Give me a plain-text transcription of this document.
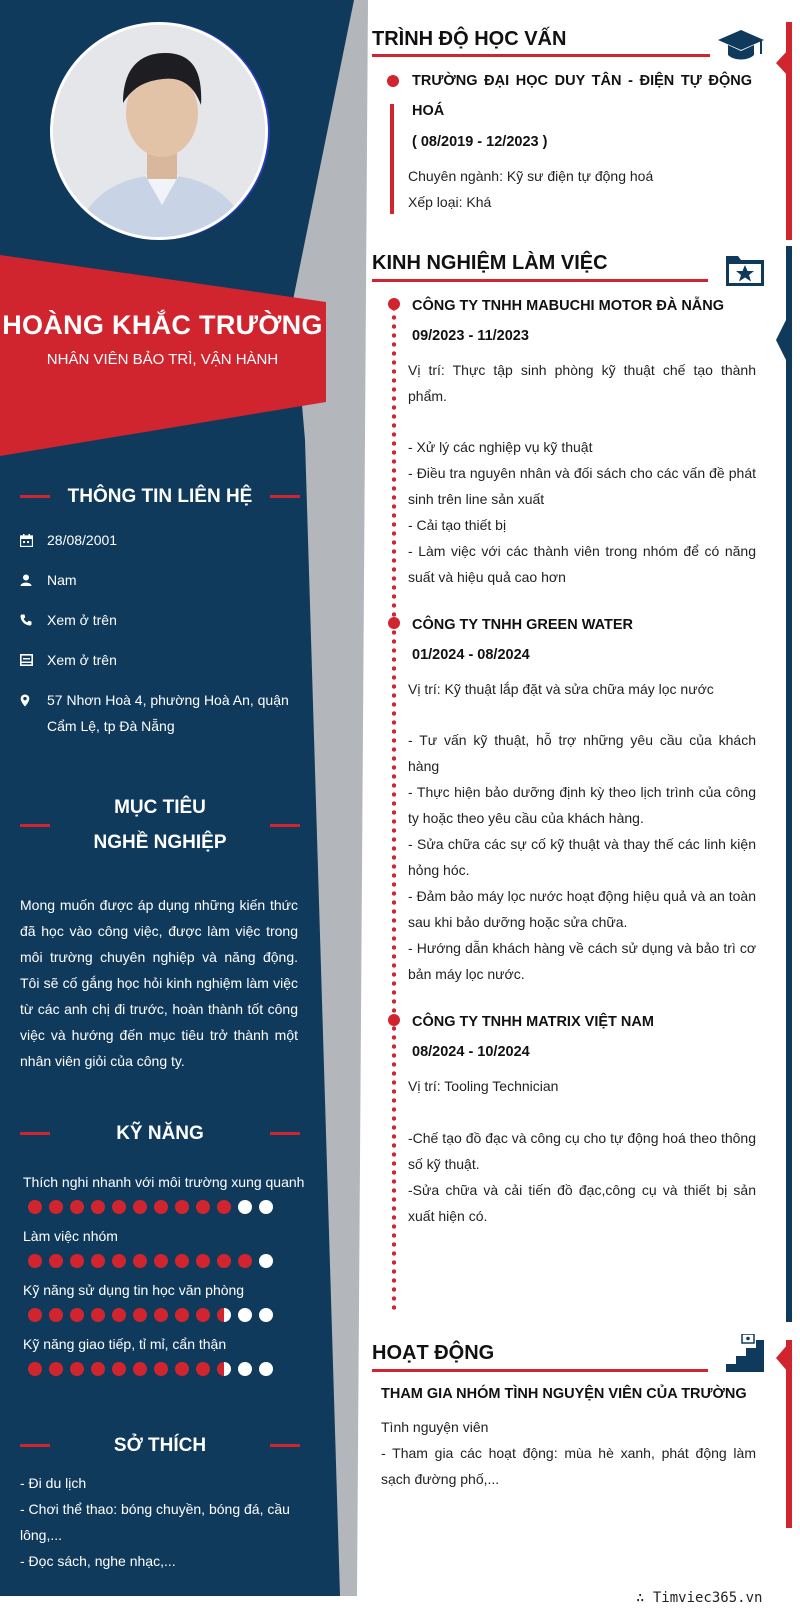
HOÀNG KHẮC TRƯỜNG
NHÂN VIÊN BẢO TRÌ, VẬN HÀNH
THÔNG TIN LIÊN HỆ
28/08/2001
Nam
Xem ở trên
Xem ở trên
57 Nhơn Hoà 4, phường Hoà An, quận Cẩm Lệ, tp Đà Nẵng
MỤC TIÊU NGHỀ NGHIỆP
Mong muốn được áp dụng những kiến thức đã học vào công việc, được làm việc trong môi trường chuyên nghiệp và năng động. Tôi sẽ cố gắng học hỏi kinh nghiệm làm việc từ các anh chị đi trước, hoàn thành tốt công việc và hướng đến mục tiêu trở thành một nhân viên giỏi của công ty.
KỸ NĂNG
Thích nghi nhanh với môi trường xung quanh
Làm việc nhóm
Kỹ năng sử dụng tin học văn phòng
Kỹ năng giao tiếp, tỉ mỉ, cẩn thận
SỞ THÍCH
- Đi du lịch
- Chơi thể thao: bóng chuyền, bóng đá, cầu lông,...
- Đọc sách, nghe nhạc,...
TRÌNH ĐỘ HỌC VẤN
TRƯỜNG ĐẠI HỌC DUY TÂN - ĐIỆN TỰ ĐỘNG HOÁ
( 08/2019 - 12/2023 )
Chuyên ngành: Kỹ sư điện tự động hoá
Xếp loại: Khá
KINH NGHIỆM LÀM VIỆC
CÔNG TY TNHH MABUCHI MOTOR ĐÀ NẴNG
09/2023 - 11/2023
Vị trí: Thực tập sinh phòng kỹ thuật chế tạo thành phẩm.
- Xử lý các nghiệp vụ kỹ thuật
- Điều tra nguyên nhân và đối sách cho các vấn đề phát sinh trên line sản xuất
- Cải tạo thiết bị
- Làm việc với các thành viên trong nhóm để có năng suất và hiệu quả cao hơn
CÔNG TY TNHH GREEN WATER
01/2024 - 08/2024
Vị trí: Kỹ thuật lắp đặt và sửa chữa máy lọc nước
- Tư vấn kỹ thuật, hỗ trợ những yêu cầu của khách hàng
- Thực hiện bảo dưỡng định kỳ theo lịch trình của công ty hoặc theo yêu cầu của khách hàng.
- Sửa chữa các sự cố kỹ thuật và thay thế các linh kiện hỏng hóc.
- Đảm bảo máy lọc nước hoạt động hiệu quả và an toàn sau khi bảo dưỡng hoặc sửa chữa.
- Hướng dẫn khách hàng về cách sử dụng và bảo trì cơ bản máy lọc nước.
CÔNG TY TNHH MATRIX VIỆT NAM
08/2024 - 10/2024
Vị trí: Tooling Technician
-Chế tạo đồ đạc và công cụ cho tự động hoá theo thông số kỹ thuật.
-Sửa chữa và cải tiến đồ đạc,công cụ và thiết bị sản xuất hiện có.
HOẠT ĐỘNG
THAM GIA NHÓM TÌNH NGUYỆN VIÊN CỦA TRƯỜNG
Tình nguyện viên
- Tham gia các hoạt động: mùa hè xanh, phát động làm sạch đường phố,...
∴ Timviec365.vn
